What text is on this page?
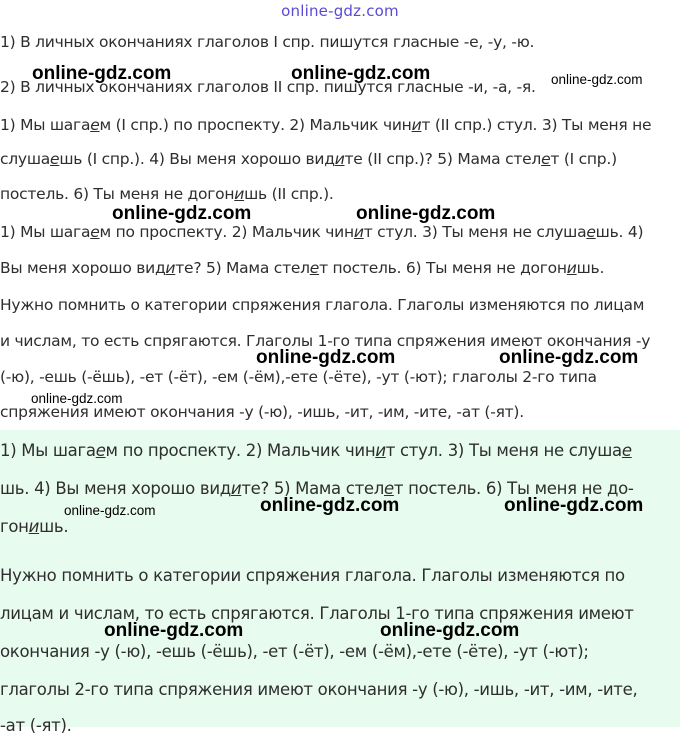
online-gdz.com
1) В личных окончаниях глаголов I спр. пишутся гласные -е, -у, -ю.
2) В личных окончаниях глаголов II спр. пишутся гласные -и, -а, -я.
1) Мы шагаем (I спр.) по проспекту. 2) Мальчик чинит (II спр.) стул. 3) Ты меня не
слушаешь (I спр.). 4) Вы меня хорошо видите (II спр.)? 5) Мама стелет (I спр.)
постель. 6) Ты меня не догонишь (II спр.).
1) Мы шагаем по проспекту. 2) Мальчик чинит стул. 3) Ты меня не слушаешь. 4)
Вы меня хорошо видите? 5) Мама стелет постель. 6) Ты меня не догонишь.
Нужно помнить о категории спряжения глагола. Глаголы изменяются по лицам
и числам, то есть спрягаются. Глаголы 1-го типа спряжения имеют окончания -у
(-ю), -ешь (-ёшь), -ет (-ёт), -ем (-ём),-ете (-ёте), -ут (-ют); глаголы 2-го типа
спряжения имеют окончания -у (-ю), -ишь, -ит, -им, -ите, -ат (-ят).
1) Мы шагаем по проспекту. 2) Мальчик чинит стул. 3) Ты меня не слушае
шь. 4) Вы меня хорошо видите? 5) Мама стелет постель. 6) Ты меня не до-
гонишь.
Нужно помнить о категории спряжения глагола. Глаголы изменяются по
лицам и числам, то есть спрягаются. Глаголы 1-го типа спряжения имеют
окончания -у (-ю), -ешь (-ёшь), -ет (-ёт), -ем (-ём),-ете (-ёте), -ут (-ют);
глаголы 2-го типа спряжения имеют окончания -у (-ю), -ишь, -ит, -им, -ите,
-ат (-ят).
online-gdz.com	online-gdz.com	online-gdz.com
online-gdz.com	online-gdz.com
online-gdz.com	online-gdz.com
online-gdz.com
online-gdz.com	online-gdz.com
online-gdz.com
online-gdz.com	online-gdz.com
